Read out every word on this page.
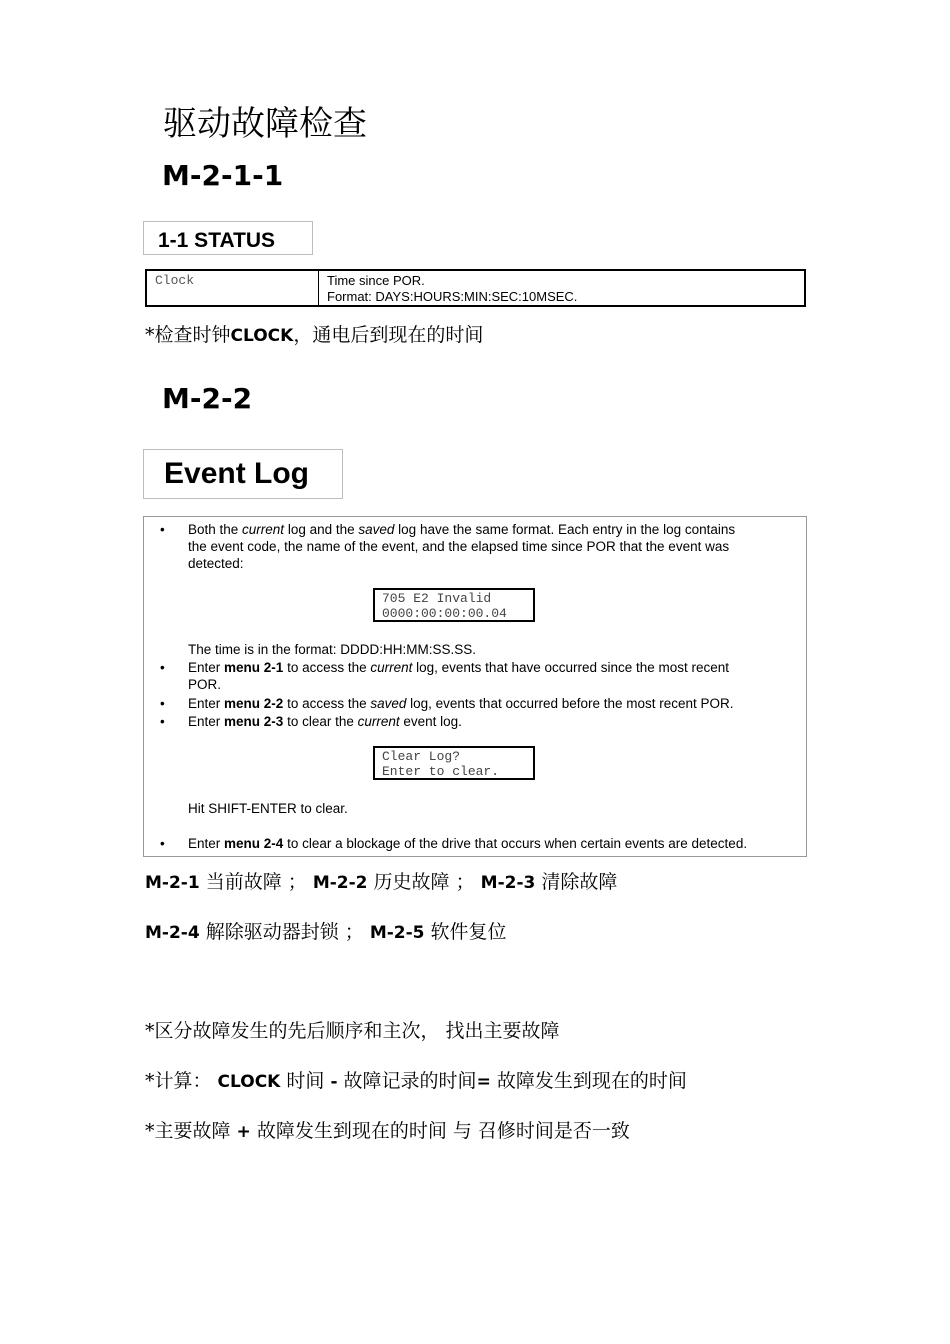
驱动故障检查
M-2-1-1
1-1 STATUS
Clock	Time since POR.
Format: DAYS:HOURS:MIN:SEC:10MSEC.
*检查时钟CLOCK，通电后到现在的时间
M-2-2
Event Log
• Both the current log and the saved log have the same format. Each entry in the log contains
the event code, the name of the event, and the elapsed time since POR that the event was
detected:
705 E2 Invalid
0000:00:00:00.04
The time is in the format: DDDD:HH:MM:SS.SS.
• Enter menu 2-1 to access the current log, events that have occurred since the most recent
POR.
• Enter menu 2-2 to access the saved log, events that occurred before the most recent POR.
• Enter menu 2-3 to clear the current event log.
Clear Log?
Enter to clear.
Hit SHIFT-ENTER to clear.
• Enter menu 2-4 to clear a blockage of the drive that occurs when certain events are detected.
M-2-1 当前故障 ； M-2-2 历史故障 ； M-2-3 清除故障
M-2-4 解除驱动器封锁 ； M-2-5 软件复位
*区分故障发生的先后顺序和主次， 找出主要故障
*计算： CLOCK 时间 - 故障记录的时间= 故障发生到现在的时间
*主要故障 + 故障发生到现在的时间 与 召修时间是否一致
